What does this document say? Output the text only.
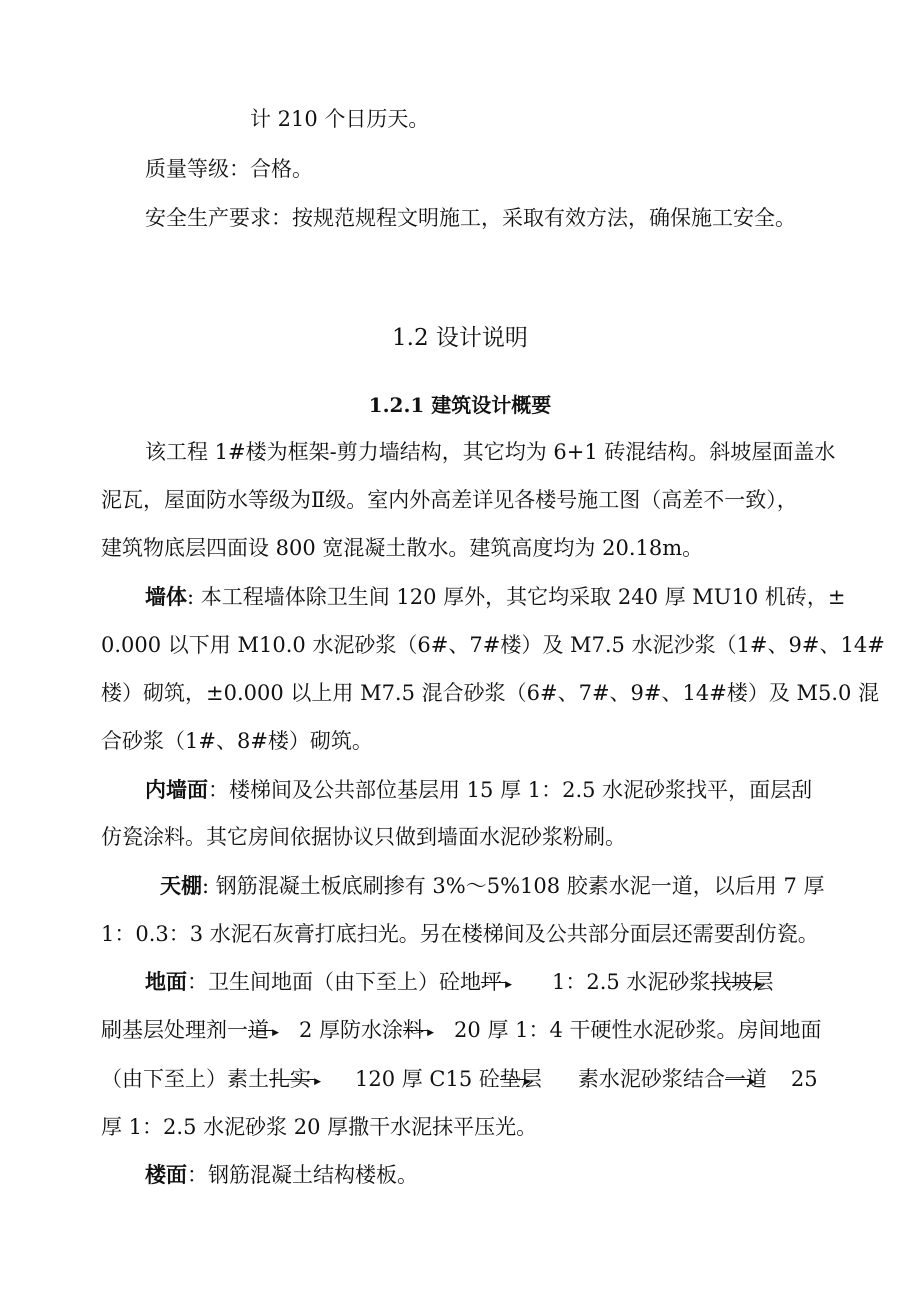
计 210 个日历天。
质量等级：合格。
安全生产要求：按规范规程文明施工，采取有效方法，确保施工安全。
1.2 设计说明
1.2.1 建筑设计概要
该工程 1#楼为框架-剪力墙结构，其它均为 6+1 砖混结构。斜坡屋面盖水
泥瓦，屋面防水等级为Ⅱ级。室内外高差详见各楼号施工图（高差不一致），
建筑物底层四面设 800 宽混凝土散水。建筑高度均为 20.18m。
墙体: 本工程墙体除卫生间 120 厚外，其它均采取 240 厚 MU10 机砖，±
0.000 以下用 M10.0 水泥砂浆（6#、7#楼）及 M7.5 水泥沙浆（1#、9#、14#
楼）砌筑，±0.000 以上用 M7.5 混合砂浆（6#、7#、9#、14#楼）及 M5.0 混
合砂浆（1#、8#楼）砌筑。
内墙面：楼梯间及公共部位基层用 15 厚 1：2.5 水泥砂浆找平，面层刮
仿瓷涂料。其它房间依据协议只做到墙面水泥砂浆粉刷。
天棚: 钢筋混凝土板底刷掺有 3%～5%108 胶素水泥一道，以后用 7 厚
1：0.3：3 水泥石灰膏打底扫光。另在楼梯间及公共部分面层还需要刮仿瓷。
地面：卫生间地面（由下至上）砼地▶ 坪 1：2.5 水泥砂浆▶ 找坡层
刷基层处理剂一▶ 道 2 厚防水涂▶ 料 20 厚 1：4 干硬性水泥砂浆。房间地面
（由下至上）素土▶ 扎实 120 厚 C15 砼▶ 垫层 素水泥砂浆结合▶ 一道 25
厚 1：2.5 水泥砂浆 20 厚撒干水泥抹平压光。
楼面：钢筋混凝土结构楼板。
